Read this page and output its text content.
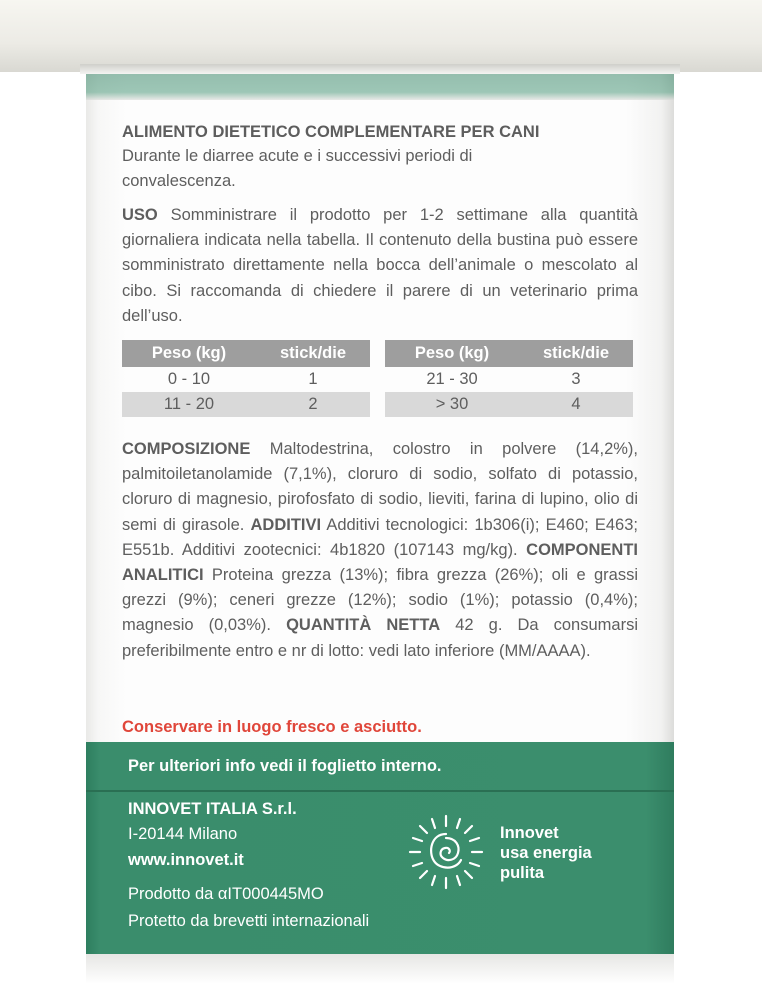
ALIMENTO DIETETICO COMPLEMENTARE PER CANI
Durante le diarree acute e i successivi periodi di
convalescenza.
USO Somministrare il prodotto per 1-2 settimane alla quantità giornaliera indicata nella tabella. Il contenuto della bustina può essere somministrato direttamente nella bocca dell’animale o mescolato al cibo. Si raccomanda di chiedere il parere di un veterinario prima dell’uso.
Peso (kg)	stick/die
0 - 10	1
11 - 20	2
Peso (kg)	stick/die
21 - 30	3
> 30	4
COMPOSIZIONE Maltodestrina, colostro in polvere (14,2%), palmitoiletanolamide (7,1%), cloruro di sodio, solfato di potassio, cloruro di magnesio, pirofosfato di sodio, lieviti, farina di lupino, olio di semi di girasole. ADDITIVI Additivi tecnologici: 1b306(i); E460; E463; E551b. Additivi zootecnici: 4b1820 (107143 mg/kg). COMPONENTI ANALITICI Proteina grezza (13%); fibra grezza (26%); oli e grassi grezzi (9%); ceneri grezze (12%); sodio (1%); potassio (0,4%); magnesio (0,03%). QUANTITÀ NETTA 42 g. Da consumarsi preferibilmente entro e nr di lotto: vedi lato inferiore (MM/AAAA).
Conservare in luogo fresco e asciutto.
Per ulteriori info vedi il foglietto interno.
INNOVET ITALIA S.r.l.
I-20144 Milano
www.innovet.it
Prodotto da αIT000445MO
Protetto da brevetti internazionali
Innovet
usa energia
pulita
